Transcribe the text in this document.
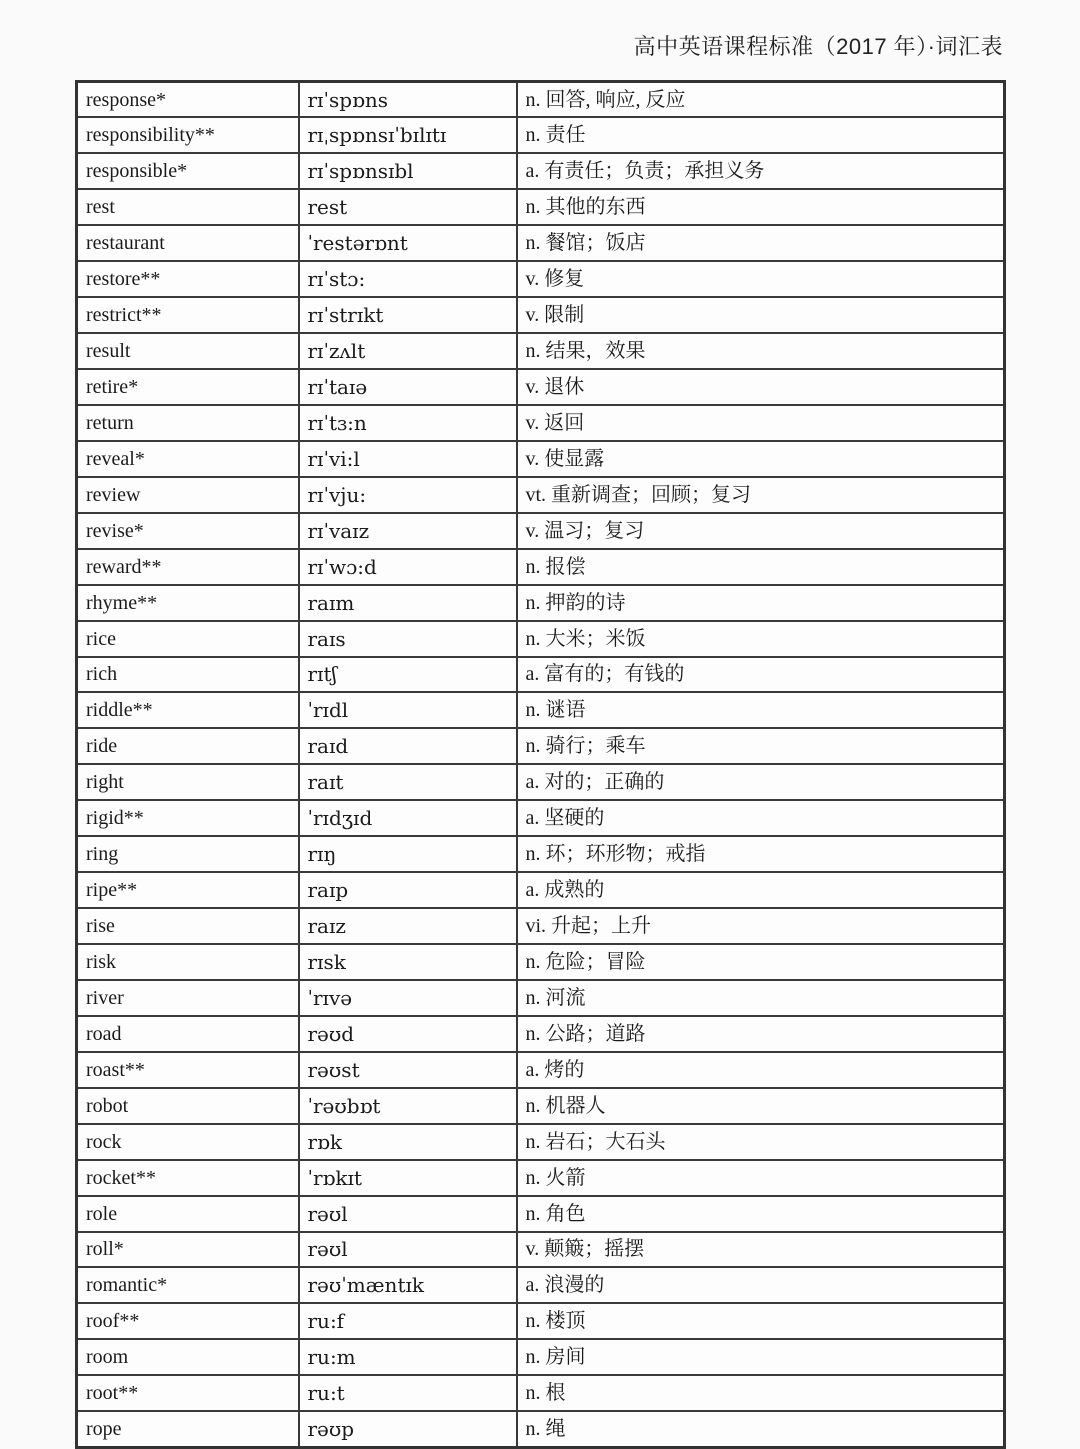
高中英语课程标准（2017 年）·词汇表
response*	rɪˈspɒns	n. 回答, 响应, 反应
responsibility**	rɪˌspɒnsɪˈbɪlɪtɪ	n. 责任
responsible*	rɪˈspɒnsɪbl	a. 有责任；负责；承担义务
rest	rest	n. 其他的东西
restaurant	ˈrestərɒnt	n. 餐馆；饭店
restore**	rɪˈstɔ:	v. 修复
restrict**	rɪˈstrɪkt	v. 限制
result	rɪˈzʌlt	n. 结果，效果
retire*	rɪˈtaɪə	v. 退休
return	rɪˈtɜ:n	v. 返回
reveal*	rɪˈvi:l	v. 使显露
review	rɪˈvju:	vt. 重新调查；回顾；复习
revise*	rɪˈvaɪz	v. 温习；复习
reward**	rɪˈwɔ:d	n. 报偿
rhyme**	raɪm	n. 押韵的诗
rice	raɪs	n. 大米；米饭
rich	rɪtʃ	a. 富有的；有钱的
riddle**	ˈrɪdl	n. 谜语
ride	raɪd	n. 骑行；乘车
right	raɪt	a. 对的；正确的
rigid**	ˈrɪdʒɪd	a. 坚硬的
ring	rɪŋ	n. 环；环形物；戒指
ripe**	raɪp	a. 成熟的
rise	raɪz	vi. 升起；上升
risk	rɪsk	n. 危险；冒险
river	ˈrɪvə	n. 河流
road	rəʊd	n. 公路；道路
roast**	rəʊst	a. 烤的
robot	ˈrəʊbɒt	n. 机器人
rock	rɒk	n. 岩石；大石头
rocket**	ˈrɒkɪt	n. 火箭
role	rəʊl	n. 角色
roll*	rəʊl	v. 颠簸；摇摆
romantic*	rəʊˈmæntɪk	a. 浪漫的
roof**	ru:f	n. 楼顶
room	ru:m	n. 房间
root**	ru:t	n. 根
rope	rəʊp	n. 绳
